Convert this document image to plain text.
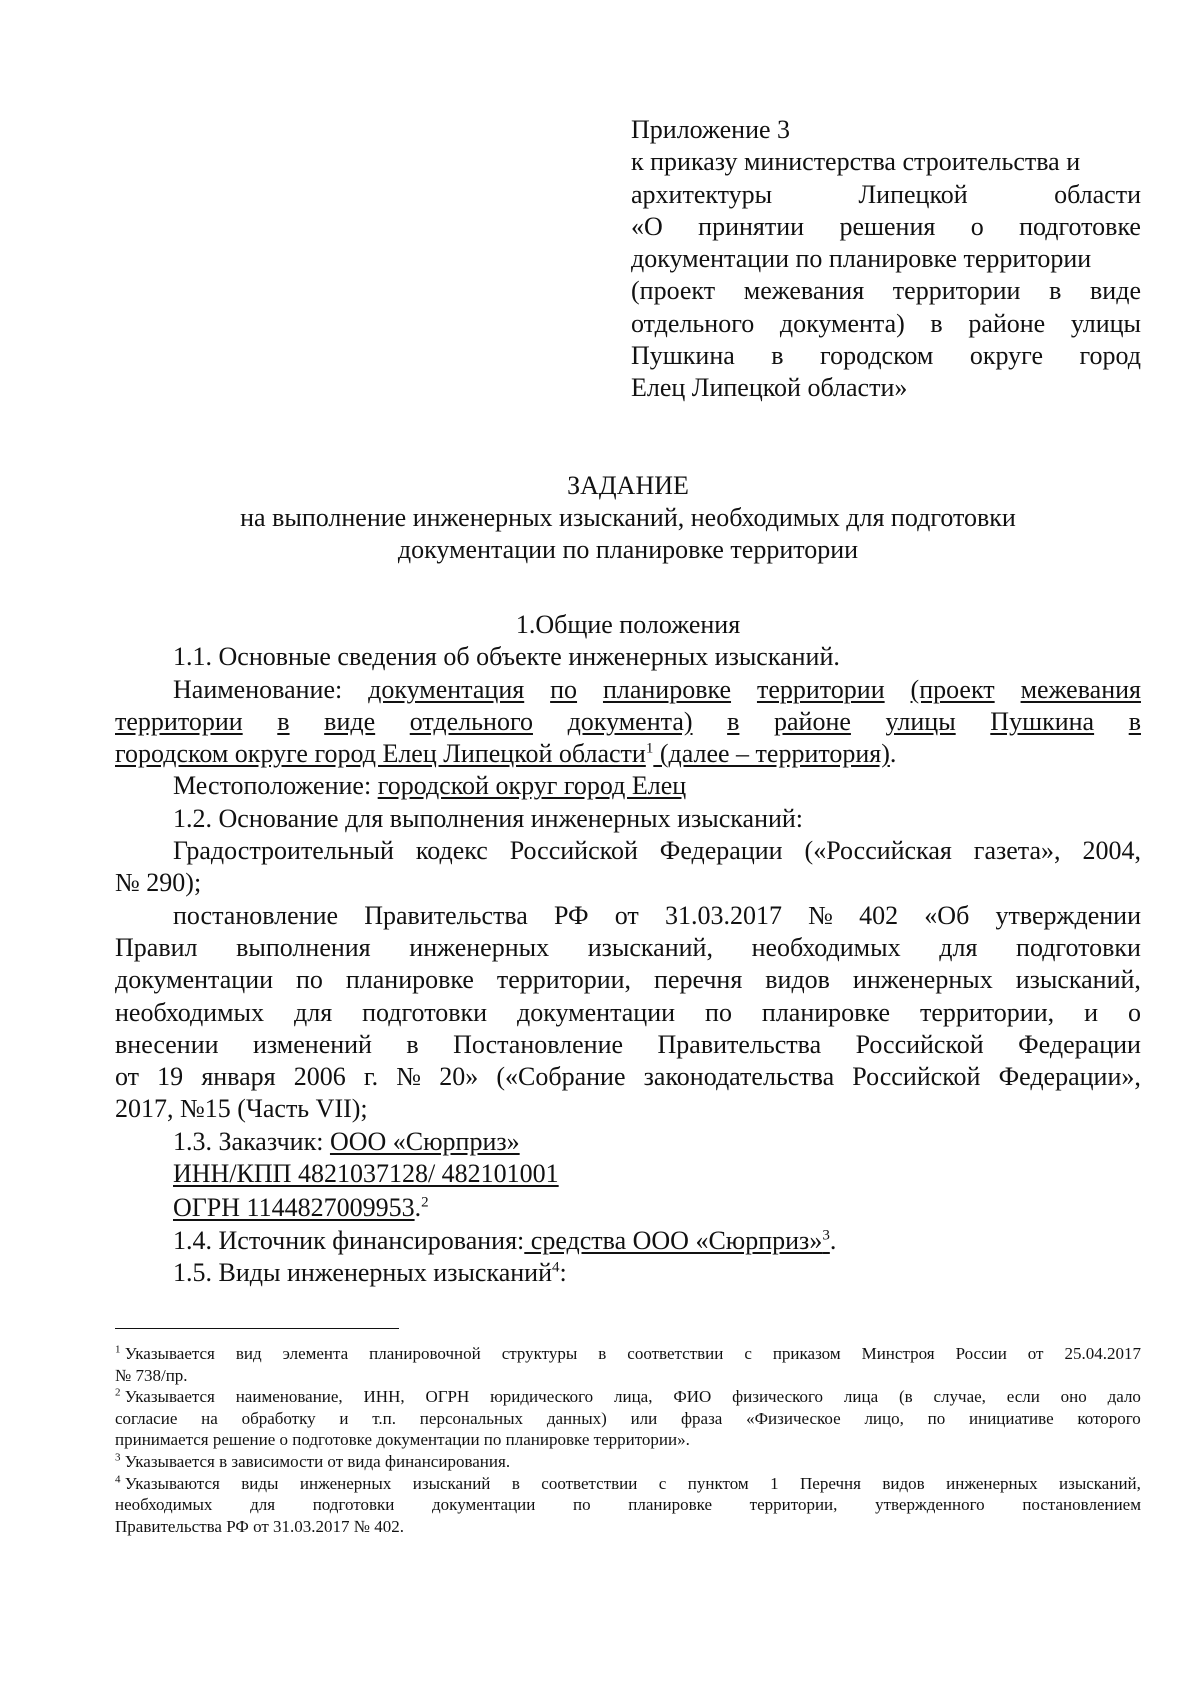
Приложение 3
к приказу министерства строительства и
архитектуры	Липецкой	области
«О принятии решения о подготовке
документации по планировке территории
(проект межевания территории в виде
отдельного документа) в районе улицы
Пушкина в городском округе город
Елец Липецкой области»
ЗАДАНИЕ
на выполнение инженерных изысканий, необходимых для подготовки
документации по планировке территории
1.Общие положения
1.1. Основные сведения об объекте инженерных изысканий.
Наименование: документация по планировке территории (проект межевания
территории в виде отдельного документа) в районе улицы Пушкина в
городском округе город Елец Липецкой области$^1$ (далее – территория).
Местоположение: городской округ город Елец
1.2. Основание для выполнения инженерных изысканий:
Градостроительный кодекс Российской Федерации («Российская газета», 2004,
№ 290);
постановление Правительства РФ от 31.03.2017 № 402 «Об утверждении
Правил выполнения инженерных изысканий, необходимых для подготовки
документации по планировке территории, перечня видов инженерных изысканий,
необходимых для подготовки документации по планировке территории, и о
внесении изменений в Постановление Правительства Российской Федерации
от 19 января 2006 г. № 20» («Собрание законодательства Российской Федерации»,
2017, №15 (Часть VII);
1.3. Заказчик: ООО «Сюрприз»
ИНН/КПП 4821037128/ 482101001
ОГРН 1144827009953.$^2$
1.4. Источник финансирования: средства ООО «Сюрприз»$^3$.
1.5. Виды инженерных изысканий$^4$:
$^1$ Указывается вид элемента планировочной структуры в соответствии с приказом Минстроя России от 25.04.2017
№ 738/пр.
$^2$ Указывается наименование, ИНН, ОГРН юридического лица, ФИО физического лица (в случае, если оно дало
согласие на обработку и т.п. персональных данных) или фраза «Физическое лицо, по инициативе которого
принимается решение о подготовке документации по планировке территории».
$^3$ Указывается в зависимости от вида финансирования.
$^4$ Указываются виды инженерных изысканий в соответствии с пунктом 1 Перечня видов инженерных изысканий,
необходимых для подготовки документации по планировке территории, утвержденного постановлением
Правительства РФ от 31.03.2017 № 402.
